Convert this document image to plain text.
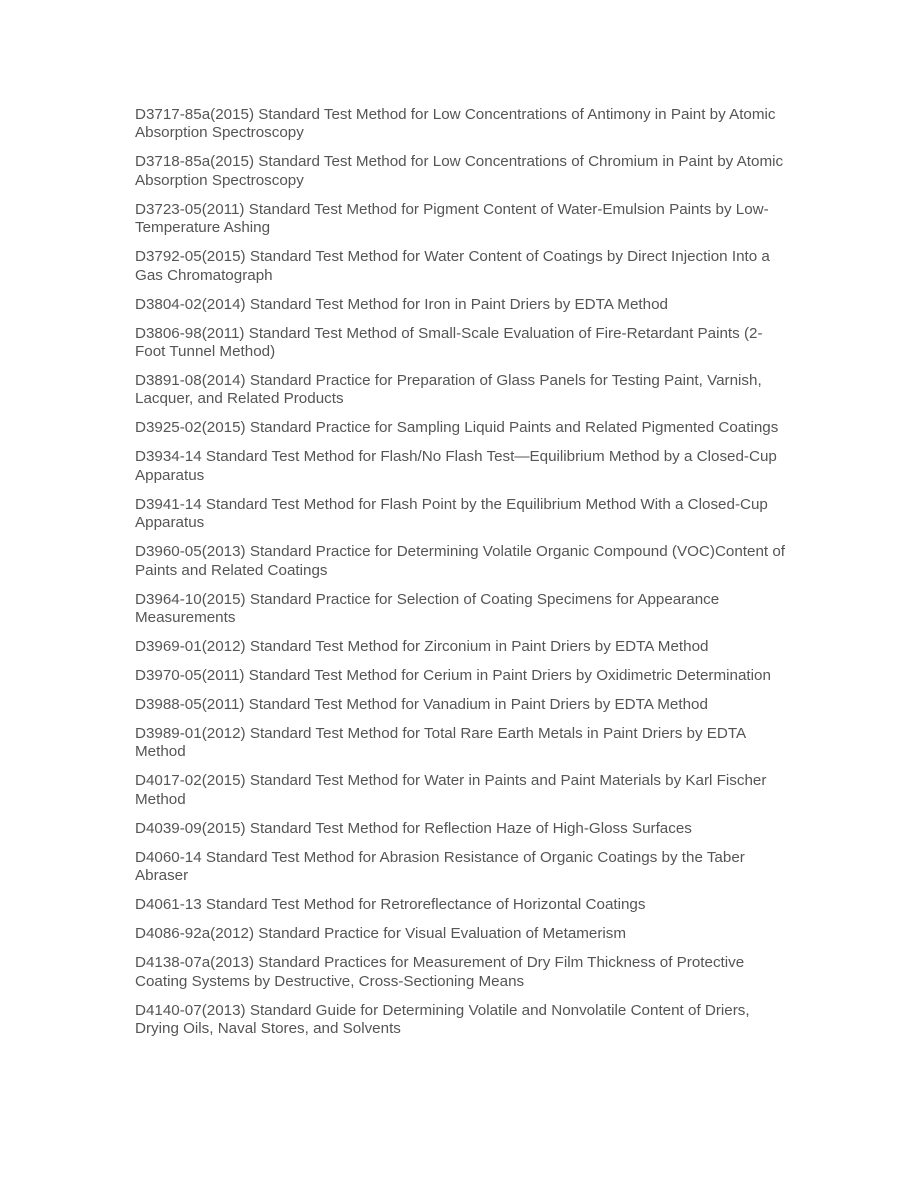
D3717-85a(2015) Standard Test Method for Low Concentrations of Antimony in Paint by Atomic Absorption Spectroscopy

D3718-85a(2015) Standard Test Method for Low Concentrations of Chromium in Paint by Atomic Absorption Spectroscopy

D3723-05(2011) Standard Test Method for Pigment Content of Water-Emulsion Paints by Low-Temperature Ashing

D3792-05(2015) Standard Test Method for Water Content of Coatings by Direct Injection Into a Gas Chromatograph

D3804-02(2014) Standard Test Method for Iron in Paint Driers by EDTA Method

D3806-98(2011) Standard Test Method of Small-Scale Evaluation of Fire-Retardant Paints (2-Foot Tunnel Method)

D3891-08(2014) Standard Practice for Preparation of Glass Panels for Testing Paint, Varnish, Lacquer, and Related Products

D3925-02(2015) Standard Practice for Sampling Liquid Paints and Related Pigmented Coatings

D3934-14 Standard Test Method for Flash/No Flash Test—Equilibrium Method by a Closed-Cup Apparatus

D3941-14 Standard Test Method for Flash Point by the Equilibrium Method With a Closed-Cup Apparatus

D3960-05(2013) Standard Practice for Determining Volatile Organic Compound (VOC)Content of Paints and Related Coatings

D3964-10(2015) Standard Practice for Selection of Coating Specimens for Appearance Measurements

D3969-01(2012) Standard Test Method for Zirconium in Paint Driers by EDTA Method

D3970-05(2011) Standard Test Method for Cerium in Paint Driers by Oxidimetric Determination

D3988-05(2011) Standard Test Method for Vanadium in Paint Driers by EDTA Method

D3989-01(2012) Standard Test Method for Total Rare Earth Metals in Paint Driers by EDTA Method

D4017-02(2015) Standard Test Method for Water in Paints and Paint Materials by Karl Fischer Method

D4039-09(2015) Standard Test Method for Reflection Haze of High-Gloss Surfaces

D4060-14 Standard Test Method for Abrasion Resistance of Organic Coatings by the Taber Abraser

D4061-13 Standard Test Method for Retroreflectance of Horizontal Coatings

D4086-92a(2012) Standard Practice for Visual Evaluation of Metamerism

D4138-07a(2013) Standard Practices for Measurement of Dry Film Thickness of Protective Coating Systems by Destructive, Cross-Sectioning Means

D4140-07(2013) Standard Guide for Determining Volatile and Nonvolatile Content of Driers, Drying Oils, Naval Stores, and Solvents
